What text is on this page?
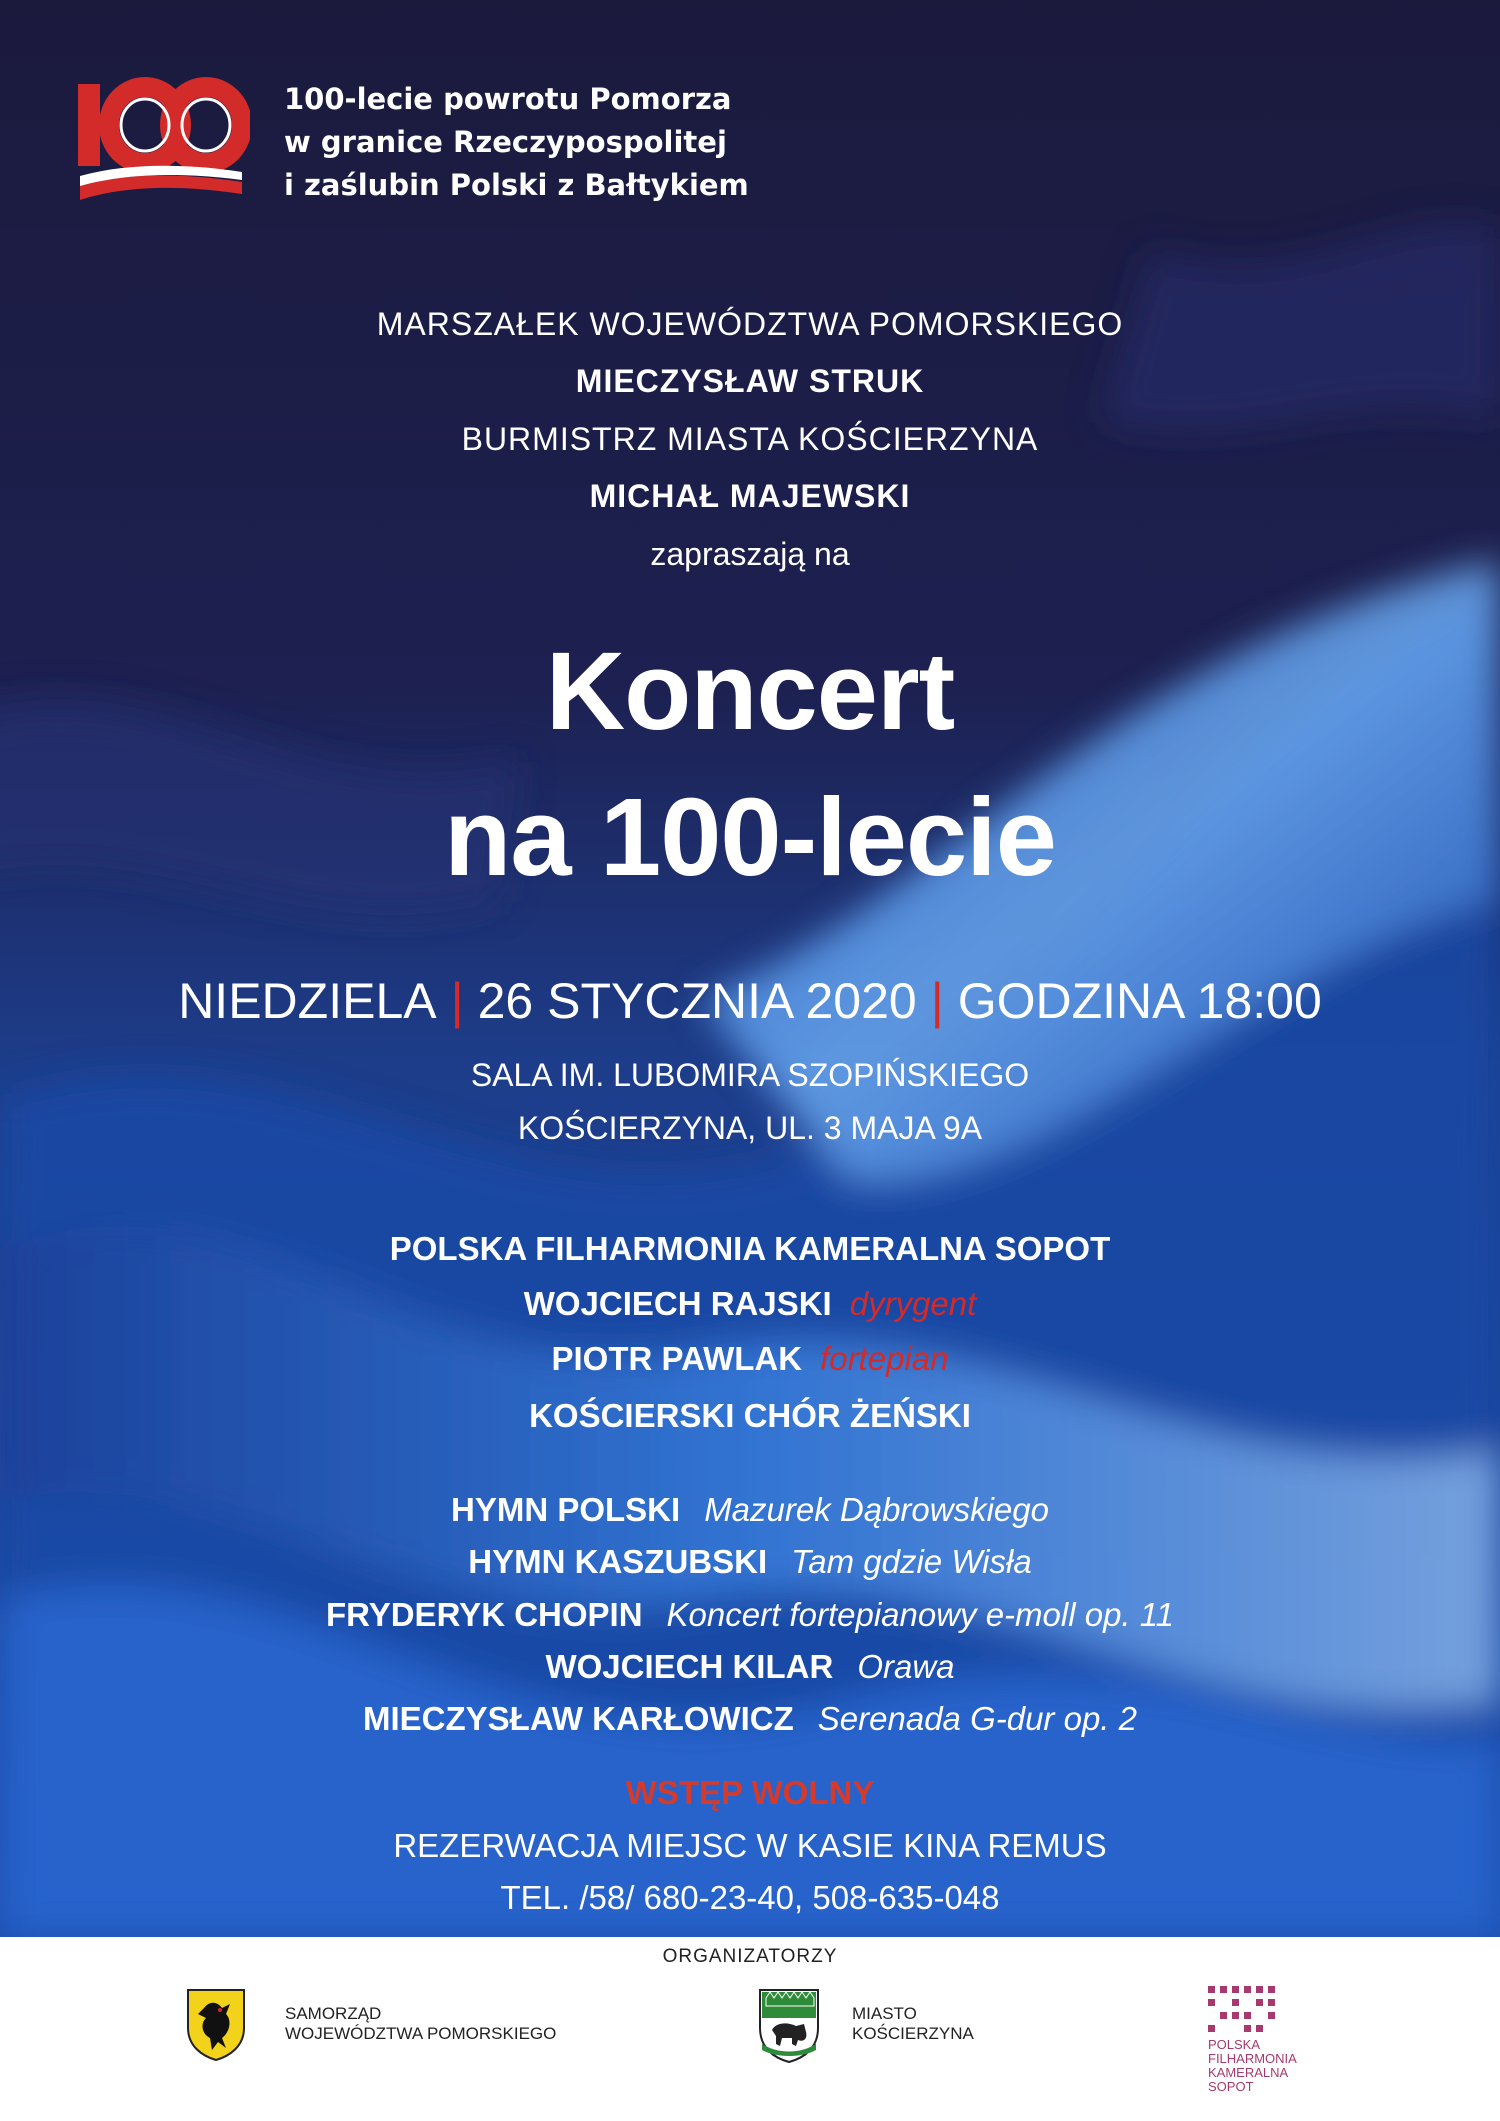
100-lecie powrotu Pomorza
w granice Rzeczypospolitej
i zaślubin Polski z Bałtykiem
MARSZAŁEK WOJEWÓDZTWA POMORSKIEGO
MIECZYSŁAW STRUK
BURMISTRZ MIASTA KOŚCIERZYNA
MICHAŁ MAJEWSKI
zapraszają na
Koncert
na 100-lecie
NIEDZIELA | 26 STYCZNIA 2020 | GODZINA 18:00
SALA IM. LUBOMIRA SZOPIŃSKIEGO
KOŚCIERZYNA, UL. 3 MAJA 9A
POLSKA FILHARMONIA KAMERALNA SOPOT
WOJCIECH RAJSKI dyrygent
PIOTR PAWLAK fortepian
KOŚCIERSKI CHÓR ŻEŃSKI
HYMN POLSKI Mazurek Dąbrowskiego
HYMN KASZUBSKI Tam gdzie Wisła
FRYDERYK CHOPIN Koncert fortepianowy e-moll op. 11
WOJCIECH KILAR Orawa
MIECZYSŁAW KARŁOWICZ Serenada G-dur op. 2
WSTĘP WOLNY
REZERWACJA MIEJSC W KASIE KINA REMUS
TEL. /58/ 680-23-40, 508-635-048
ORGANIZATORZY
SAMORZĄD
WOJEWÓDZTWA POMORSKIEGO
MIASTO
KOŚCIERZYNA
POLSKA
FILHARMONIA
KAMERALNA
SOPOT
